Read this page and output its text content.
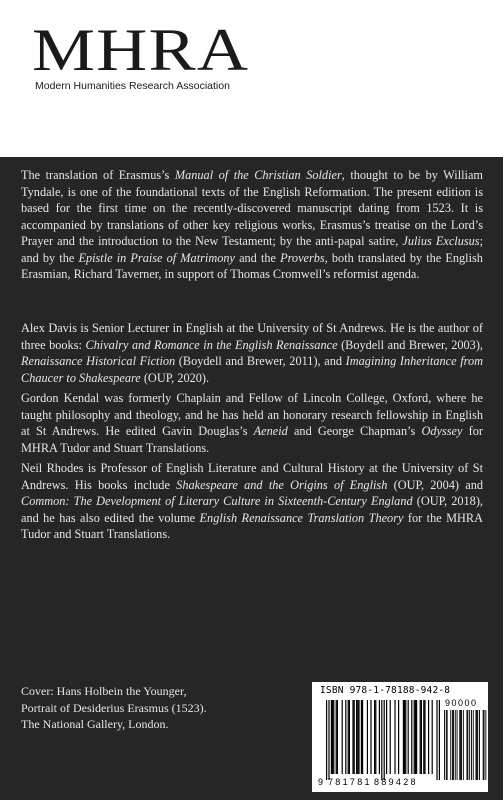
MHRA
Modern Humanities Research Association

The translation of Erasmus’s Manual of the Christian Soldier, thought to be by William Tyndale, is one of the foundational texts of the English Reformation. The present edition is based for the first time on the recently-discovered manuscript dating from 1523. It is accompanied by translations of other key religious works, Erasmus’s treatise on the Lord’s Prayer and the introduction to the New Testament; by the anti-papal satire, Julius Exclusus; and by the Epistle in Praise of Matrimony and the Proverbs, both translated by the English Erasmian, Richard Taverner, in support of Thomas Cromwell’s reformist agenda.

Alex Davis is Senior Lecturer in English at the University of St Andrews. He is the author of three books: Chivalry and Romance in the English Renaissance (Boydell and Brewer, 2003), Renaissance Historical Fiction (Boydell and Brewer, 2011), and Imagining Inheritance from Chaucer to Shakespeare (OUP, 2020).

Gordon Kendal was formerly Chaplain and Fellow of Lincoln College, Oxford, where he taught philosophy and theology, and he has held an honorary research fellowship in English at St Andrews. He edited Gavin Douglas’s Aeneid and George Chapman’s Odyssey for MHRA Tudor and Stuart Translations.

Neil Rhodes is Professor of English Literature and Cultural History at the University of St Andrews. His books include Shakespeare and the Origins of English (OUP, 2004) and Common: The Development of Literary Culture in Sixteenth-Century England (OUP, 2018), and he has also edited the volume English Renaissance Translation Theory for the MHRA Tudor and Stuart Translations.

Cover: Hans Holbein the Younger, Portrait of Desiderius Erasmus (1523). The National Gallery, London.

ISBN 978-1-78188-942-8
9 781781 889428
90000
